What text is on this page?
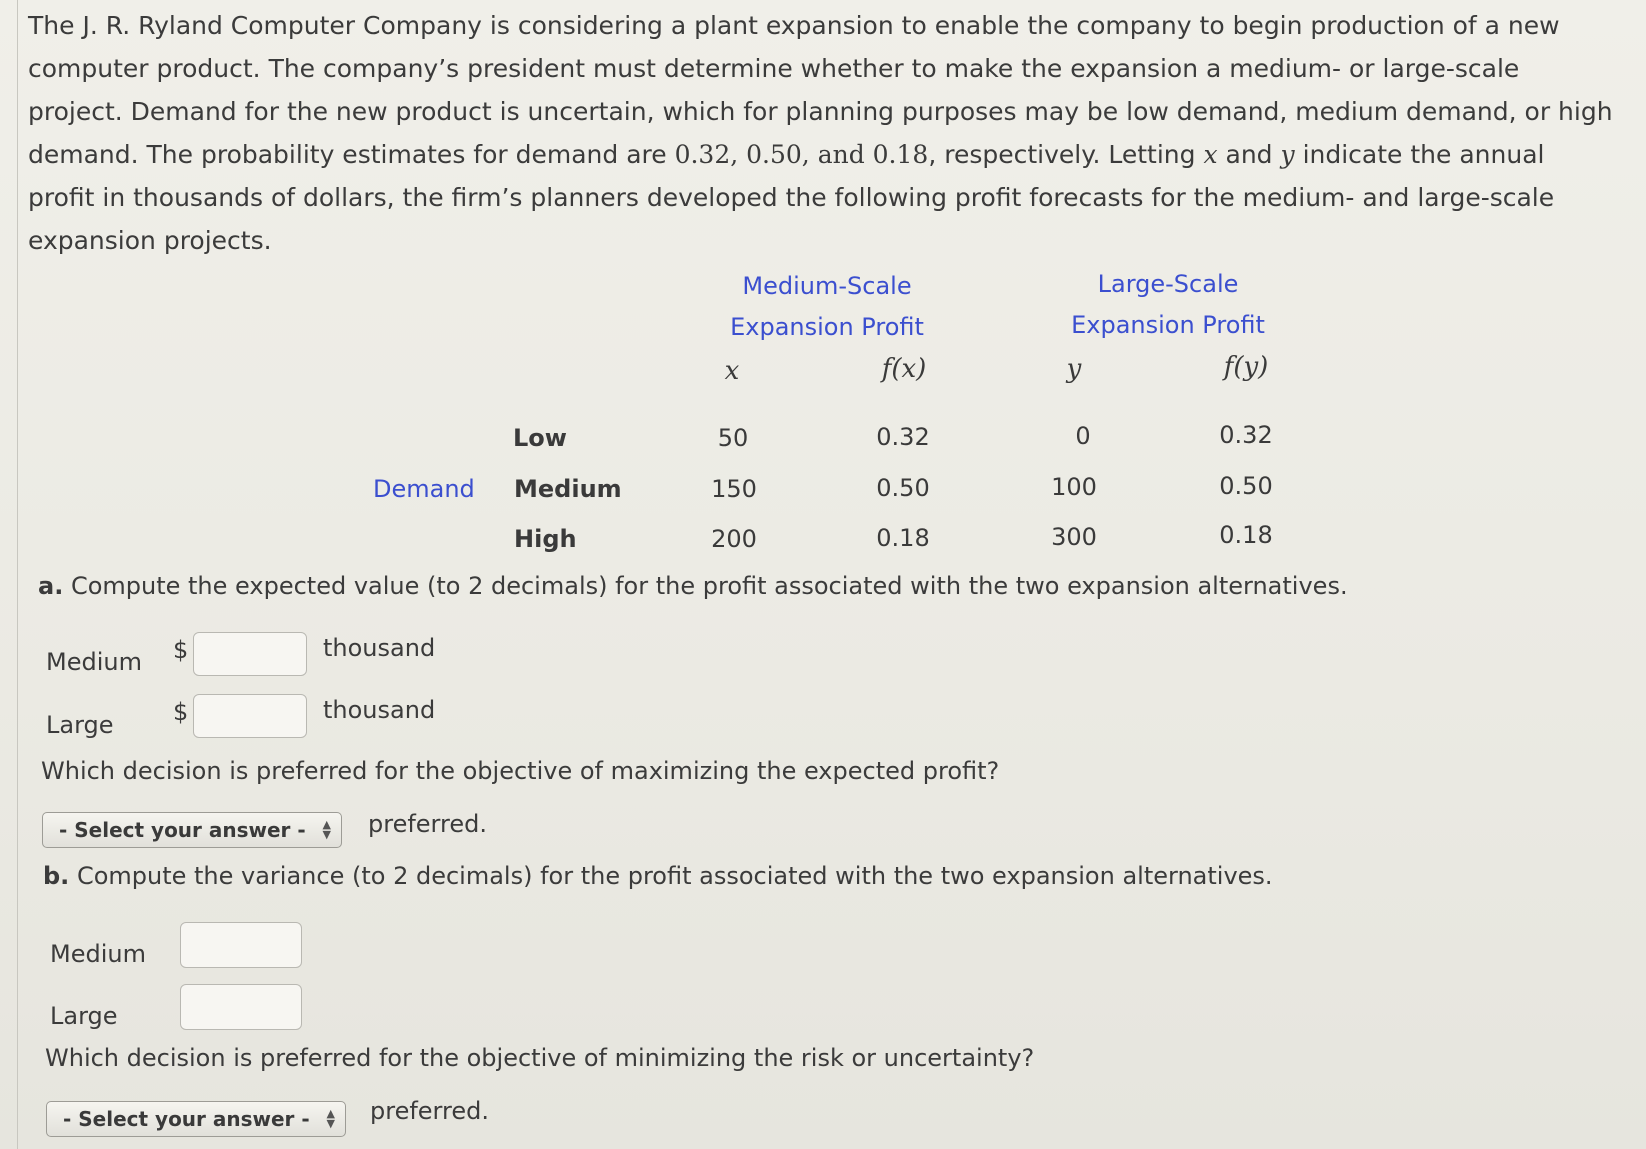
The J. R. Ryland Computer Company is considering a plant expansion to enable the company to begin production of a new computer product. The company’s president must determine whether to make the expansion a medium- or large-scale project. Demand for the new product is uncertain, which for planning purposes may be low demand, medium demand, or high demand. The probability estimates for demand are 0.32, 0.50, and 0.18, respectively. Letting x and y indicate the annual profit in thousands of dollars, the firm’s planners developed the following profit forecasts for the medium- and large-scale expansion projects.

Medium-Scale
Expansion Profit
Large-Scale
Expansion Profit
x	f(x)	y	f(y)
Demand
Low	50	0.32	0	0.32
Medium	150	0.50	100	0.50
High	200	0.18	300	0.18
a. Compute the expected value (to 2 decimals) for the profit associated with the two expansion alternatives.
Medium $	thousand
Large $	thousand
Which decision is preferred for the objective of maximizing the expected profit?
- Select your answer - ▲
▼ preferred.
b. Compute the variance (to 2 decimals) for the profit associated with the two expansion alternatives.
Medium
Large
Which decision is preferred for the objective of minimizing the risk or uncertainty?
- Select your answer - ▲
▼ preferred.
